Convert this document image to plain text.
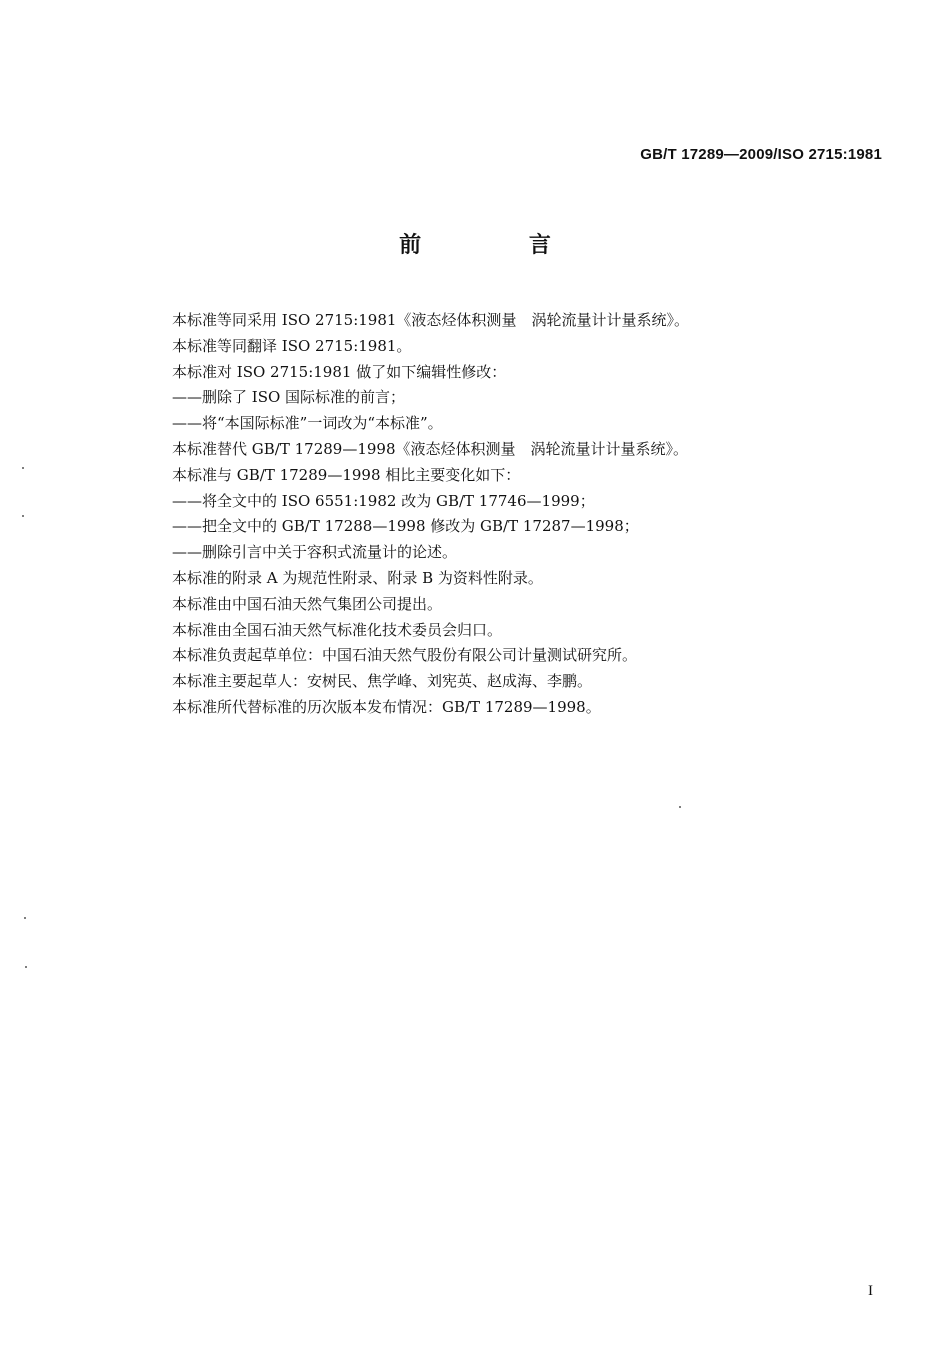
GB/T 17289—2009/ISO 2715:1981
前 言
本标准等同采用 ISO 2715:1981《液态烃体积测量　涡轮流量计计量系统》。
本标准等同翻译 ISO 2715:1981。
本标准对 ISO 2715:1981 做了如下编辑性修改：
——删除了 ISO 国际标准的前言；
——将“本国际标准”一词改为“本标准”。
本标准替代 GB/T 17289—1998《液态烃体积测量　涡轮流量计计量系统》。
本标准与 GB/T 17289—1998 相比主要变化如下：
——将全文中的 ISO 6551:1982 改为 GB/T 17746—1999；
——把全文中的 GB/T 17288—1998 修改为 GB/T 17287—1998；
——删除引言中关于容积式流量计的论述。
本标准的附录 A 为规范性附录、附录 B 为资料性附录。
本标准由中国石油天然气集团公司提出。
本标准由全国石油天然气标准化技术委员会归口。
本标准负责起草单位：中国石油天然气股份有限公司计量测试研究所。
本标准主要起草人：安树民、焦学峰、刘宪英、赵成海、李鹏。
本标准所代替标准的历次版本发布情况：GB/T 17289—1998。
I
